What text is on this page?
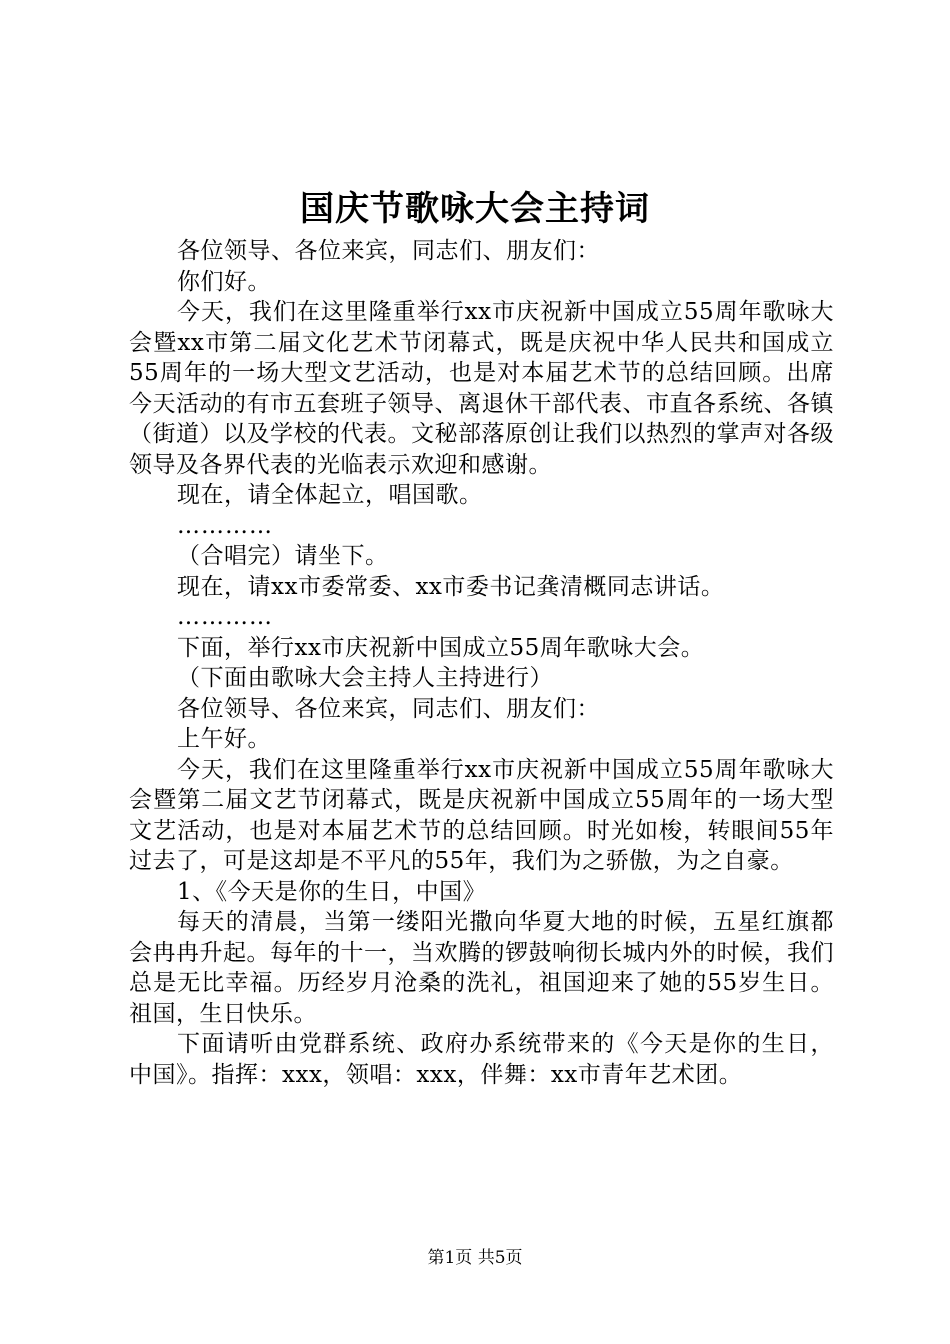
国庆节歌咏大会主持词

各位领导、各位来宾，同志们、朋友们：

你们好。

今天，我们在这里隆重举行xx市庆祝新中国成立55周年歌咏大会暨xx市第二届文化艺术节闭幕式，既是庆祝中华人民共和国成立55周年的一场大型文艺活动，也是对本届艺术节的总结回顾。出席今天活动的有市五套班子领导、离退休干部代表、市直各系统、各镇（街道）以及学校的代表。文秘部落原创让我们以热烈的掌声对各级领导及各界代表的光临表示欢迎和感谢。

现在，请全体起立，唱国歌。

…………

（合唱完）请坐下。

现在，请xx市委常委、xx市委书记龚清概同志讲话。

…………

下面，举行xx市庆祝新中国成立55周年歌咏大会。

（下面由歌咏大会主持人主持进行）

各位领导、各位来宾，同志们、朋友们：

上午好。

今天，我们在这里隆重举行xx市庆祝新中国成立55周年歌咏大会暨第二届文艺节闭幕式，既是庆祝新中国成立55周年的一场大型文艺活动，也是对本届艺术节的总结回顾。时光如梭，转眼间55年过去了，可是这却是不平凡的55年，我们为之骄傲，为之自豪。

1、《今天是你的生日，中国》

每天的清晨，当第一缕阳光撒向华夏大地的时候，五星红旗都会冉冉升起。每年的十一，当欢腾的锣鼓响彻长城内外的时候，我们总是无比幸福。历经岁月沧桑的洗礼，祖国迎来了她的55岁生日。祖国，生日快乐。

下面请听由党群系统、政府办系统带来的《今天是你的生日，中国》。指挥：xxx，领唱：xxx，伴舞：xx市青年艺术团。

第1页 共5页
